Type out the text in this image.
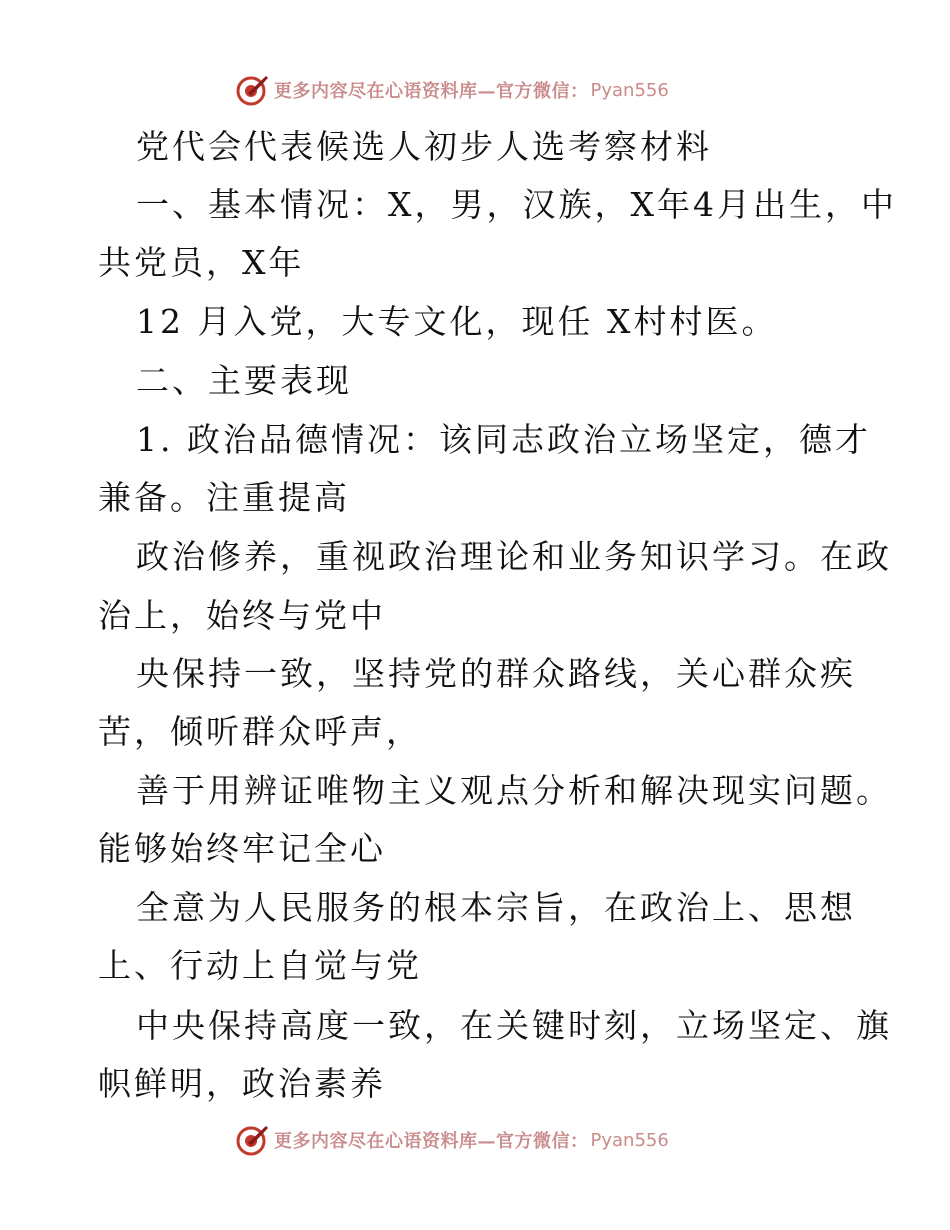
更多内容尽在心语资料库—官方微信： Pyan556
党代会代表候选人初步人选考察材料
一、基本情况：X，男，汉族，X年4月出生，中
共党员，X年
12 月入党，大专文化，现任 X村村医。
二、主要表现
1. 政治品德情况：该同志政治立场坚定，德才
兼备。注重提高
政治修养，重视政治理论和业务知识学习。在政
治上，始终与党中
央保持一致，坚持党的群众路线，关心群众疾
苦，倾听群众呼声，
善于用辨证唯物主义观点分析和解决现实问题。
能够始终牢记全心
全意为人民服务的根本宗旨，在政治上、思想
上、行动上自觉与党
中央保持高度一致，在关键时刻，立场坚定、旗
帜鲜明，政治素养
更多内容尽在心语资料库—官方微信： Pyan556
